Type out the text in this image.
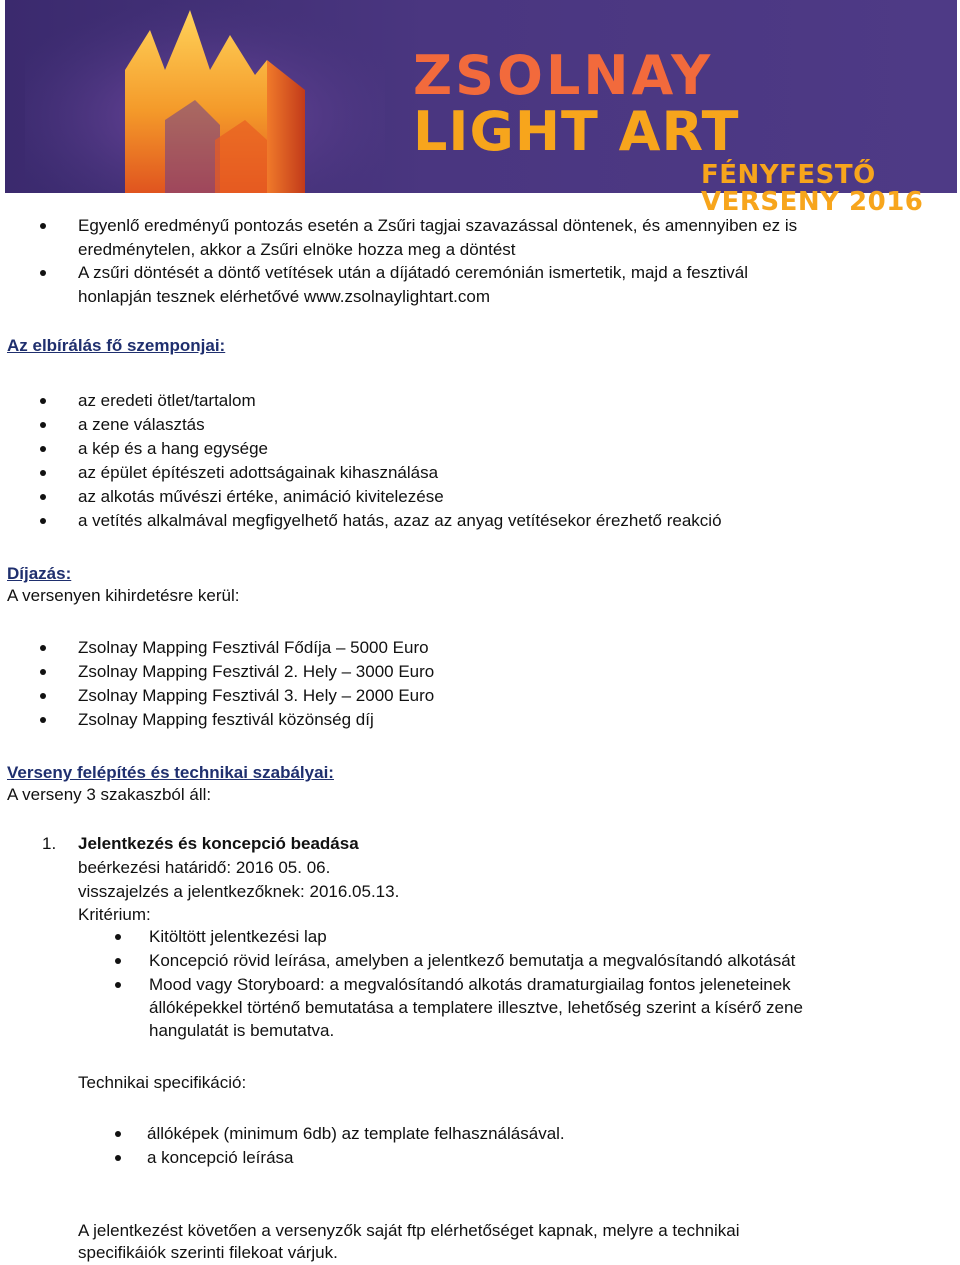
ZSOLNAY
LIGHT ART
FÉNYFESTŐ
VERSENY 2016
Egyenlő eredményű pontozás esetén a Zsűri tagjai szavazással döntenek, és amennyiben ez is
eredménytelen, akkor a Zsűri elnöke hozza meg a döntést
A zsűri döntését a döntő vetítések után a díjátadó ceremónián ismertetik, majd a fesztivál
honlapján tesznek elérhetővé www.zsolnaylightart.com
Az elbírálás fő szemponjai:
az eredeti ötlet/tartalom
a zene választás
a kép és a hang egysége
az épület építészeti adottságainak kihasználása
az alkotás művészi értéke, animáció kivitelezése
a vetítés alkalmával megfigyelhető hatás, azaz az anyag vetítésekor érezhető reakció
Díjazás:
A versenyen kihirdetésre kerül:
Zsolnay Mapping Fesztivál Fődíja – 5000 Euro
Zsolnay Mapping Fesztivál 2. Hely – 3000 Euro
Zsolnay Mapping Fesztivál 3. Hely – 2000 Euro
Zsolnay Mapping fesztivál közönség díj
Verseny felépítés és technikai szabályai:
A verseny 3 szakaszból áll:
1. Jelentkezés és koncepció beadása
beérkezési határidő: 2016 05. 06.
visszajelzés a jelentkezőknek: 2016.05.13.
Kritérium:
Kitöltött jelentkezési lap
Koncepció rövid leírása, amelyben a jelentkező bemutatja a megvalósítandó alkotását
Mood vagy Storyboard: a megvalósítandó alkotás dramaturgiailag fontos jeleneteinek
állóképekkel történő bemutatása a templatere illesztve, lehetőség szerint a kísérő zene
hangulatát is bemutatva.
Technikai specifikáció:
állóképek (minimum 6db) az template felhasználásával.
a koncepció leírása
A jelentkezést követően a versenyzők saját ftp elérhetőséget kapnak, melyre a technikai
specifikáiók szerinti filekoat várjuk.
